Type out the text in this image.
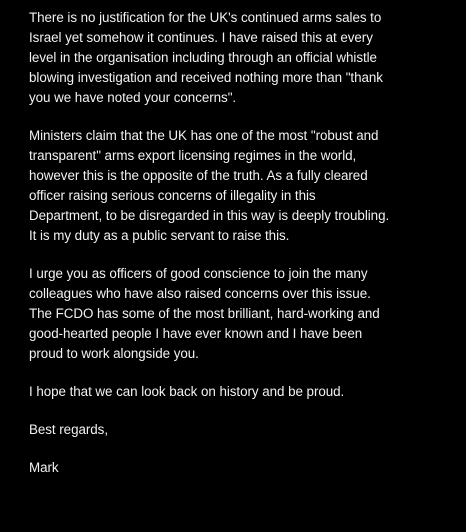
There is no justification for the UK's continued arms sales to
Israel yet somehow it continues. I have raised this at every
level in the organisation including through an official whistle
blowing investigation and received nothing more than "thank
you we have noted your concerns".

Ministers claim that the UK has one of the most "robust and
transparent" arms export licensing regimes in the world,
however this is the opposite of the truth. As a fully cleared
officer raising serious concerns of illegality in this
Department, to be disregarded in this way is deeply troubling.
It is my duty as a public servant to raise this.

I urge you as officers of good conscience to join the many
colleagues who have also raised concerns over this issue.
The FCDO has some of the most brilliant, hard-working and
good-hearted people I have ever known and I have been
proud to work alongside you.

I hope that we can look back on history and be proud.

Best regards,

Mark
